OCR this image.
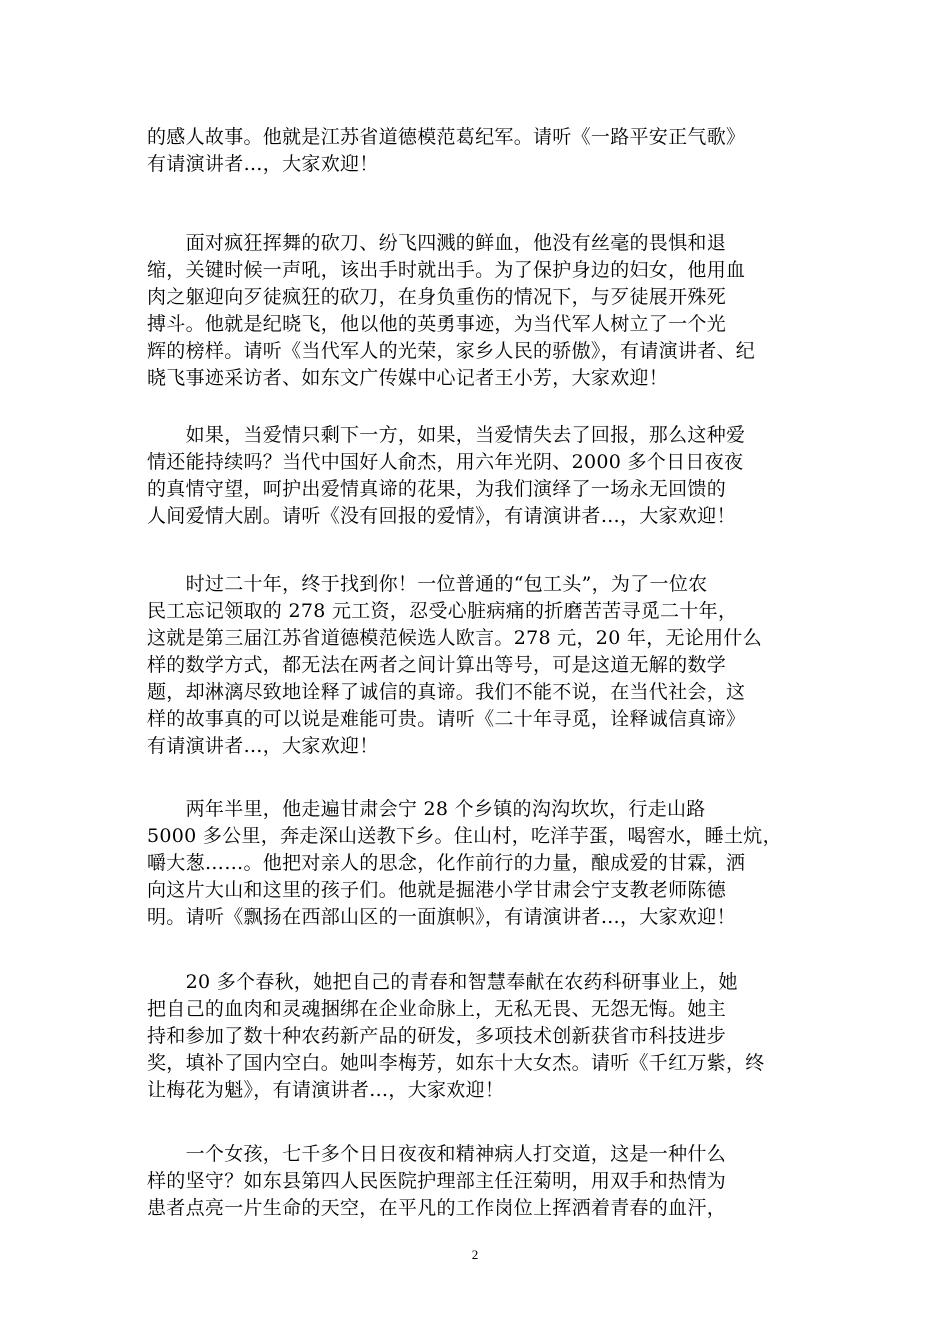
的感人故事。他就是江苏省道德模范葛纪军。请听《一路平安正气歌》
有请演讲者…，大家欢迎！
　　面对疯狂挥舞的砍刀、纷飞四溅的鲜血，他没有丝毫的畏惧和退
缩，关键时候一声吼，该出手时就出手。为了保护身边的妇女，他用血
肉之躯迎向歹徒疯狂的砍刀，在身负重伤的情况下，与歹徒展开殊死
搏斗。他就是纪晓飞，他以他的英勇事迹，为当代军人树立了一个光
辉的榜样。请听《当代军人的光荣，家乡人民的骄傲》，有请演讲者、纪
晓飞事迹采访者、如东文广传媒中心记者王小芳，大家欢迎！
　　如果，当爱情只剩下一方，如果，当爱情失去了回报，那么这种爱
情还能持续吗？当代中国好人俞杰，用六年光阴、2000 多个日日夜夜
的真情守望，呵护出爱情真谛的花果，为我们演绎了一场永无回馈的
人间爱情大剧。请听《没有回报的爱情》，有请演讲者…，大家欢迎！
　　时过二十年，终于找到你！一位普通的“包工头”，为了一位农
民工忘记领取的 278 元工资，忍受心脏病痛的折磨苦苦寻觅二十年，
这就是第三届江苏省道德模范候选人欧言。278 元，20 年，无论用什么
样的数学方式，都无法在两者之间计算出等号，可是这道无解的数学
题，却淋漓尽致地诠释了诚信的真谛。我们不能不说，在当代社会，这
样的故事真的可以说是难能可贵。请听《二十年寻觅，诠释诚信真谛》
有请演讲者…，大家欢迎！
　　两年半里，他走遍甘肃会宁 28 个乡镇的沟沟坎坎，行走山路
5000 多公里，奔走深山送教下乡。住山村，吃洋芋蛋，喝窖水，睡土炕，
嚼大葱……。他把对亲人的思念，化作前行的力量，酿成爱的甘霖，洒
向这片大山和这里的孩子们。他就是掘港小学甘肃会宁支教老师陈德
明。请听《飘扬在西部山区的一面旗帜》，有请演讲者…，大家欢迎！
　　20 多个春秋，她把自己的青春和智慧奉献在农药科研事业上，她
把自己的血肉和灵魂捆绑在企业命脉上，无私无畏、无怨无悔。她主
持和参加了数十种农药新产品的研发，多项技术创新获省市科技进步
奖，填补了国内空白。她叫李梅芳，如东十大女杰。请听《千红万紫，终
让梅花为魁》，有请演讲者…，大家欢迎！
　　一个女孩，七千多个日日夜夜和精神病人打交道，这是一种什么
样的坚守？如东县第四人民医院护理部主任汪菊明，用双手和热情为
患者点亮一片生命的天空，在平凡的工作岗位上挥洒着青春的血汗，
2
